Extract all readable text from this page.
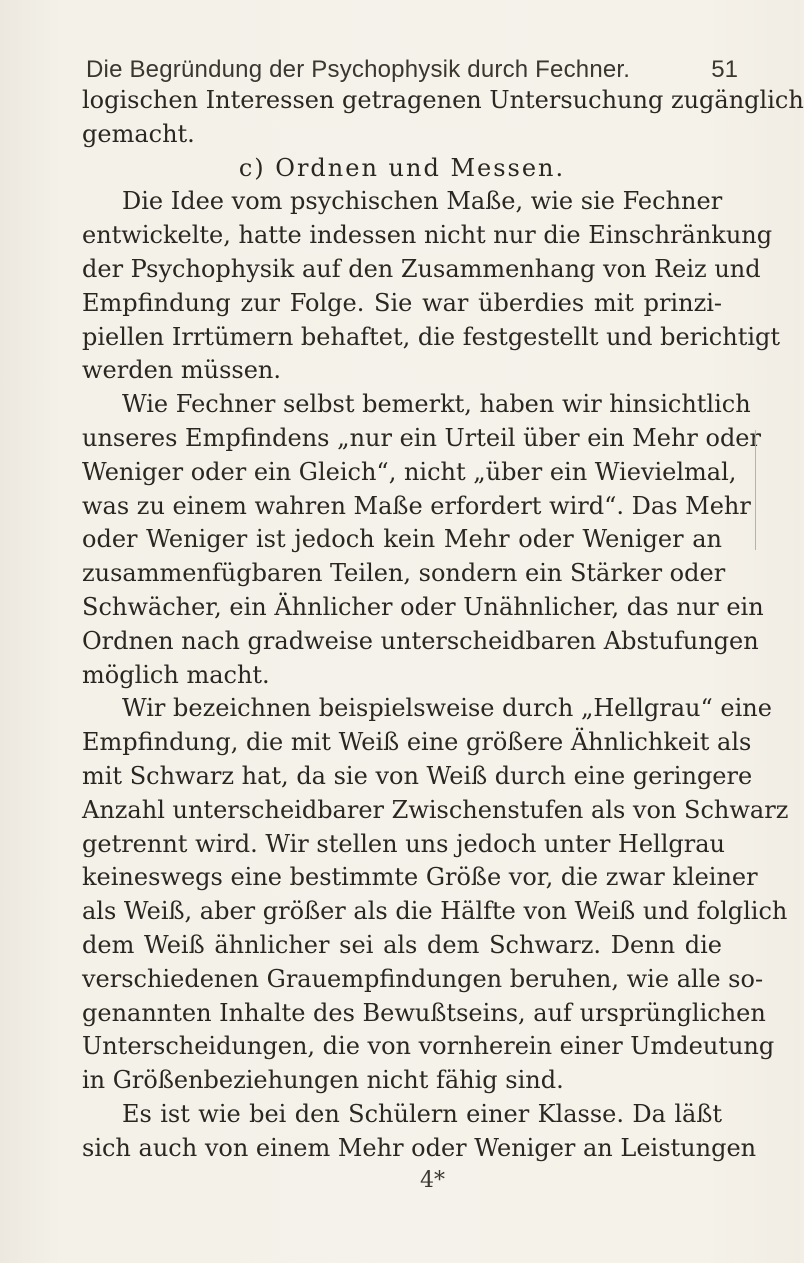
Die Begründung der Psychophysik durch Fechner.	51
logischen Interessen getragenen Untersuchung zugänglich
gemacht.
c) Ordnen und Messen.
Die Idee vom psychischen Maße, wie sie Fechner
entwickelte, hatte indessen nicht nur die Einschränkung
der Psychophysik auf den Zusammenhang von Reiz und
Empfindung zur Folge. Sie war überdies mit prinzi-
piellen Irrtümern behaftet, die festgestellt und berichtigt
werden müssen.
Wie Fechner selbst bemerkt, haben wir hinsichtlich
unseres Empfindens „nur ein Urteil über ein Mehr oder
Weniger oder ein Gleich“, nicht „über ein Wievielmal,
was zu einem wahren Maße erfordert wird“. Das Mehr
oder Weniger ist jedoch kein Mehr oder Weniger an
zusammenfügbaren Teilen, sondern ein Stärker oder
Schwächer, ein Ähnlicher oder Unähnlicher, das nur ein
Ordnen nach gradweise unterscheidbaren Abstufungen
möglich macht.
Wir bezeichnen beispielsweise durch „Hellgrau“ eine
Empfindung, die mit Weiß eine größere Ähnlichkeit als
mit Schwarz hat, da sie von Weiß durch eine geringere
Anzahl unterscheidbarer Zwischenstufen als von Schwarz
getrennt wird. Wir stellen uns jedoch unter Hellgrau
keineswegs eine bestimmte Größe vor, die zwar kleiner
als Weiß, aber größer als die Hälfte von Weiß und folglich
dem Weiß ähnlicher sei als dem Schwarz. Denn die
verschiedenen Grauempfindungen beruhen, wie alle so-
genannten Inhalte des Bewußtseins, auf ursprünglichen
Unterscheidungen, die von vornherein einer Umdeutung
in Größenbeziehungen nicht fähig sind.
Es ist wie bei den Schülern einer Klasse. Da läßt
sich auch von einem Mehr oder Weniger an Leistungen
4*
